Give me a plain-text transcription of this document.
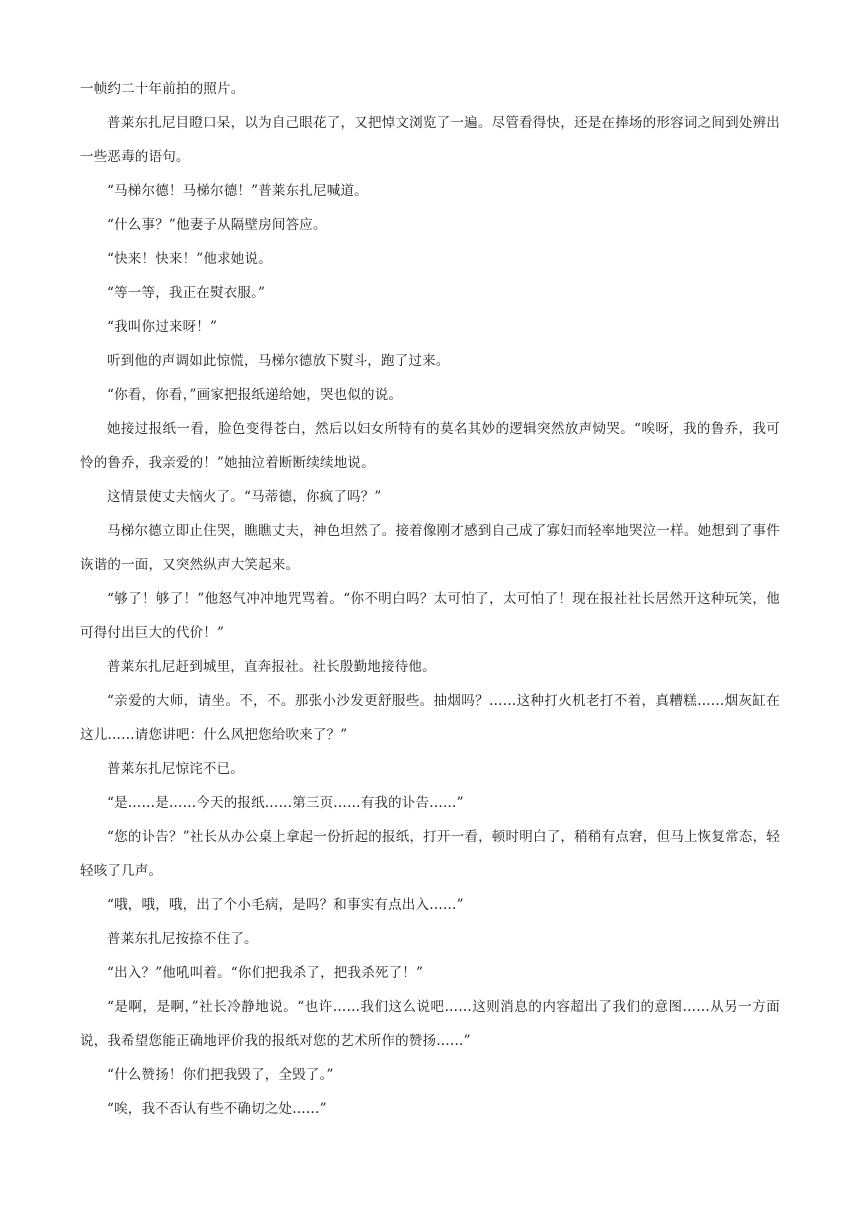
一帧约二十年前拍的照片。

普莱东扎尼目瞪口呆，以为自己眼花了，又把悼文浏览了一遍。尽管看得快，还是在捧场的形容词之间到处辨出一些恶毒的语句。

“马梯尔德！马梯尔德！”普莱东扎尼喊道。

“什么事？”他妻子从隔壁房间答应。

“快来！快来！”他求她说。

“等一等，我正在熨衣服。”

“我叫你过来呀！”

听到他的声调如此惊慌，马梯尔德放下熨斗，跑了过来。

“你看，你看，”画家把报纸递给她，哭也似的说。

她接过报纸一看，脸色变得苍白，然后以妇女所特有的莫名其妙的逻辑突然放声恸哭。“唉呀，我的鲁乔，我可怜的鲁乔，我亲爱的！”她抽泣着断断续续地说。

这情景使丈夫恼火了。“马蒂德，你疯了吗？”

马梯尔德立即止住哭，瞧瞧丈夫，神色坦然了。接着像刚才感到自己成了寡妇而轻率地哭泣一样。她想到了事件诙谐的一面，又突然纵声大笑起来。

“够了！够了！”他怒气冲冲地咒骂着。“你不明白吗？太可怕了，太可怕了！现在报社社长居然开这种玩笑，他可得付出巨大的代价！”

普莱东扎尼赶到城里，直奔报社。社长殷勤地接待他。

“亲爱的大师，请坐。不，不。那张小沙发更舒服些。抽烟吗？……这种打火机老打不着，真糟糕……烟灰缸在这儿……请您讲吧：什么风把您给吹来了？”

普莱东扎尼惊诧不已。

“是……是……今天的报纸……第三页……有我的讣告……”

“您的讣告？”社长从办公桌上拿起一份折起的报纸，打开一看，顿时明白了，稍稍有点窘，但马上恢复常态，轻轻咳了几声。

“哦，哦，哦，出了个小毛病，是吗？和事实有点出入……”

普莱东扎尼按捺不住了。

“出入？”他吼叫着。“你们把我杀了，把我杀死了！”

“是啊，是啊，”社长冷静地说。“也许……我们这么说吧……这则消息的内容超出了我们的意图……从另一方面说，我希望您能正确地评价我的报纸对您的艺术所作的赞扬……”

“什么赞扬！你们把我毁了，全毁了。”

“唉，我不否认有些不确切之处……”
